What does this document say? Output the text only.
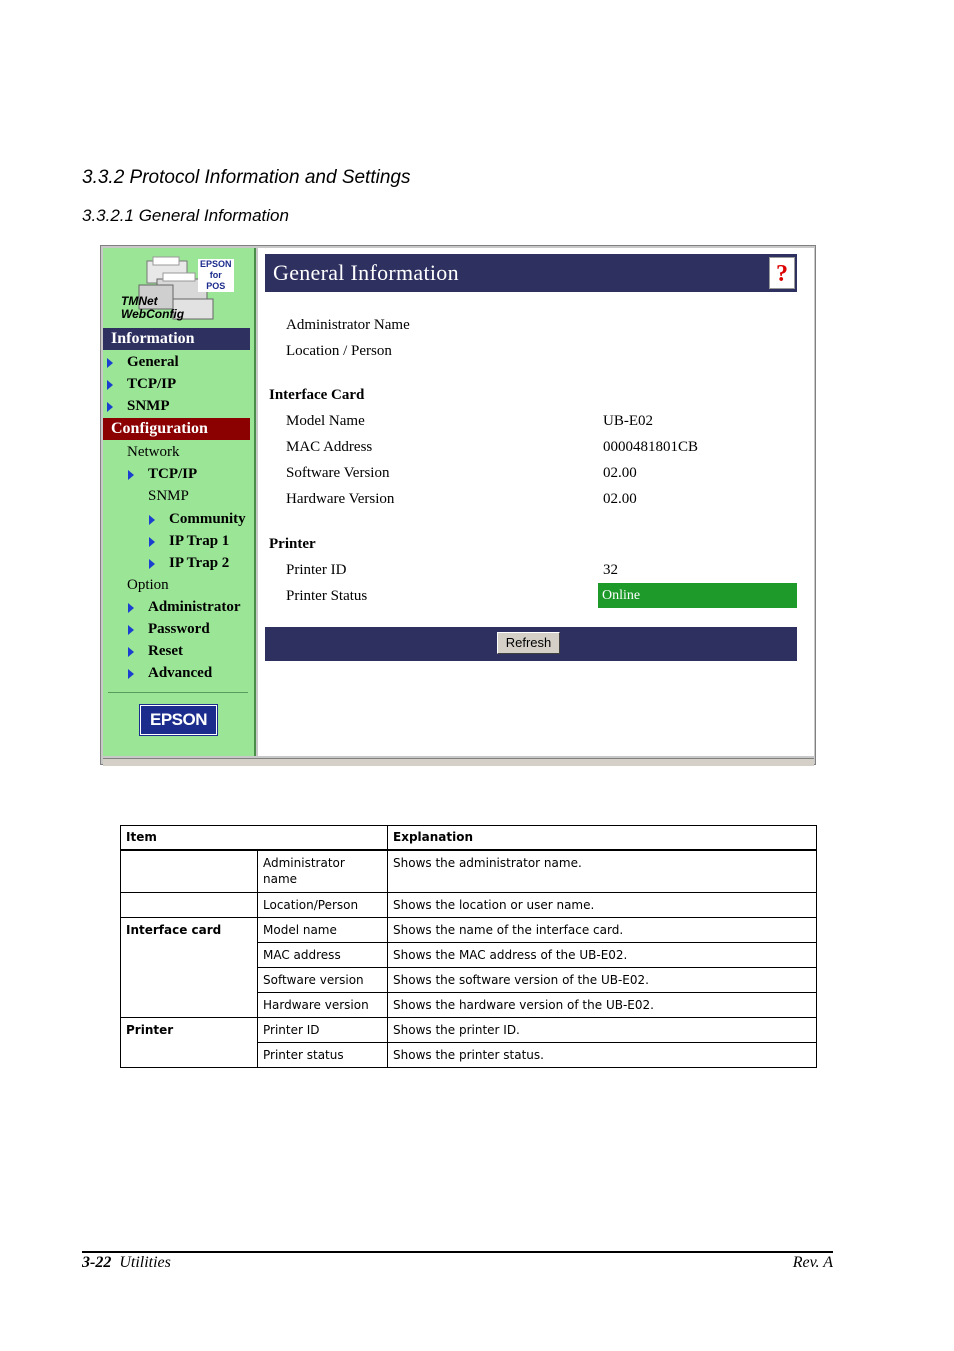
3.3.2 Protocol Information and Settings
3.3.2.1 General Information
EPSON
for
POS
TMNet
WebConfig
Information
General
TCP/IP
SNMP
Configuration
Network
TCP/IP
SNMP
Community
IP Trap 1
IP Trap 2
Option
Administrator
Password
Reset
Advanced
EPSON
General Information	?
Administrator Name
Location / Person
Interface Card
Model Name	UB-E02
MAC Address	0000481801CB
Software Version	02.00
Hardware Version	02.00
Printer
Printer ID	32
Printer Status	Online
Refresh
Item		Explanation
	Administrator name	Shows the administrator name.
	Location/Person	Shows the location or user name.
Interface card	Model name	Shows the name of the interface card.
	MAC address	Shows the MAC address of the UB-E02.
	Software version	Shows the software version of the UB-E02.
	Hardware version	Shows the hardware version of the UB-E02.
Printer	Printer ID	Shows the printer ID.
	Printer status	Shows the printer status.
3-22 Utilities	Rev. A
